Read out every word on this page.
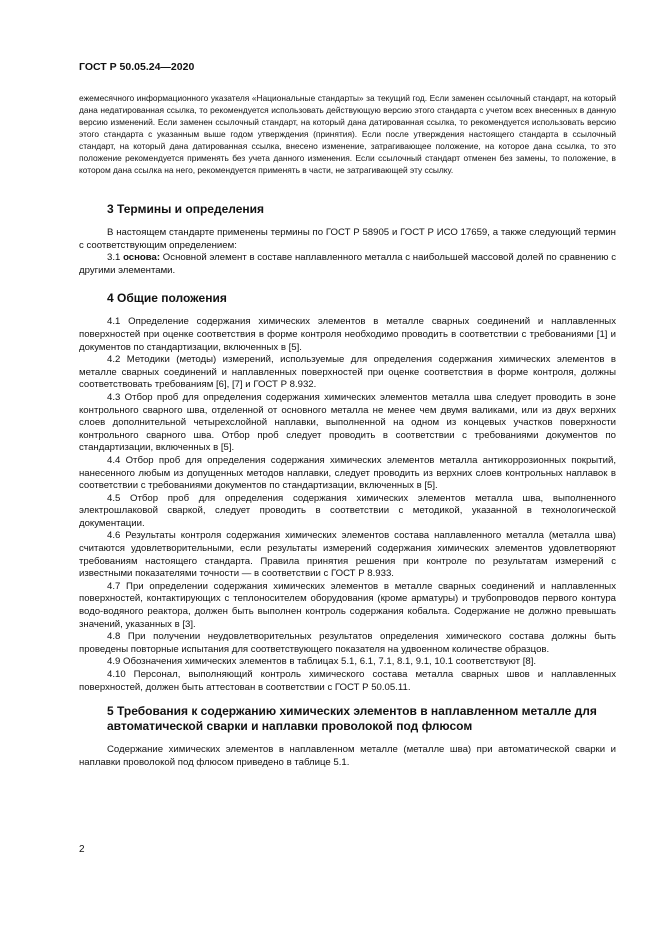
ГОСТ Р 50.05.24—2020

ежемесячного информационного указателя «Национальные стандарты» за текущий год. Если заменен ссылочный стандарт, на который дана недатированная ссылка, то рекомендуется использовать действующую версию этого стандарта с учетом всех внесенных в данную версию изменений. Если заменен ссылочный стандарт, на который дана датированная ссылка, то рекомендуется использовать версию этого стандарта с указанным выше годом утверждения (принятия). Если после утверждения настоящего стандарта в ссылочный стандарт, на который дана датированная ссылка, внесено изменение, затрагивающее положение, на которое дана ссылка, то это положение рекомендуется применять без учета данного изменения. Если ссылочный стандарт отменен без замены, то положение, в котором дана ссылка на него, рекомендуется применять в части, не затрагивающей эту ссылку.

3 Термины и определения

В настоящем стандарте применены термины по ГОСТ Р 58905 и ГОСТ Р ИСО 17659, а также следующий термин с соответствующим определением:

3.1 основа: Основной элемент в составе наплавленного металла с наибольшей массовой долей по сравнению с другими элементами.

4 Общие положения

4.1 Определение содержания химических элементов в металле сварных соединений и наплавленных поверхностей при оценке соответствия в форме контроля необходимо проводить в соответствии с требованиями [1] и документов по стандартизации, включенных в [5].

4.2 Методики (методы) измерений, используемые для определения содержания химических элементов в металле сварных соединений и наплавленных поверхностей при оценке соответствия в форме контроля, должны соответствовать требованиям [6], [7] и ГОСТ Р 8.932.

4.3 Отбор проб для определения содержания химических элементов металла шва следует проводить в зоне контрольного сварного шва, отделенной от основного металла не менее чем двумя валиками, или из двух верхних слоев дополнительной четырехслойной наплавки, выполненной на одном из концевых участков поверхности контрольного сварного шва. Отбор проб следует проводить в соответствии с требованиями документов по стандартизации, включенных в [5].

4.4 Отбор проб для определения содержания химических элементов металла антикоррозионных покрытий, нанесенного любым из допущенных методов наплавки, следует проводить из верхних слоев контрольных наплавок в соответствии с требованиями документов по стандартизации, включенных в [5].

4.5 Отбор проб для определения содержания химических элементов металла шва, выполненного электрошлаковой сваркой, следует проводить в соответствии с методикой, указанной в технологической документации.

4.6 Результаты контроля содержания химических элементов состава наплавленного металла (металла шва) считаются удовлетворительными, если результаты измерений содержания химических элементов удовлетворяют требованиям настоящего стандарта. Правила принятия решения при контроле по результатам измерений с известными показателями точности — в соответствии с ГОСТ Р 8.933.

4.7 При определении содержания химических элементов в металле сварных соединений и наплавленных поверхностей, контактирующих с теплоносителем оборудования (кроме арматуры) и трубопроводов первого контура водо-водяного реактора, должен быть выполнен контроль содержания кобальта. Содержание не должно превышать значений, указанных в [3].

4.8 При получении неудовлетворительных результатов определения химического состава должны быть проведены повторные испытания для соответствующего показателя на удвоенном количестве образцов.

4.9 Обозначения химических элементов в таблицах 5.1, 6.1, 7.1, 8.1, 9.1, 10.1 соответствуют [8].

4.10 Персонал, выполняющий контроль химического состава металла сварных швов и наплавленных поверхностей, должен быть аттестован в соответствии с ГОСТ Р 50.05.11.

5 Требования к содержанию химических элементов в наплавленном металле для автоматической сварки и наплавки проволокой под флюсом

Содержание химических элементов в наплавленном металле (металле шва) при автоматической сварки и наплавки проволокой под флюсом приведено в таблице 5.1.

2
